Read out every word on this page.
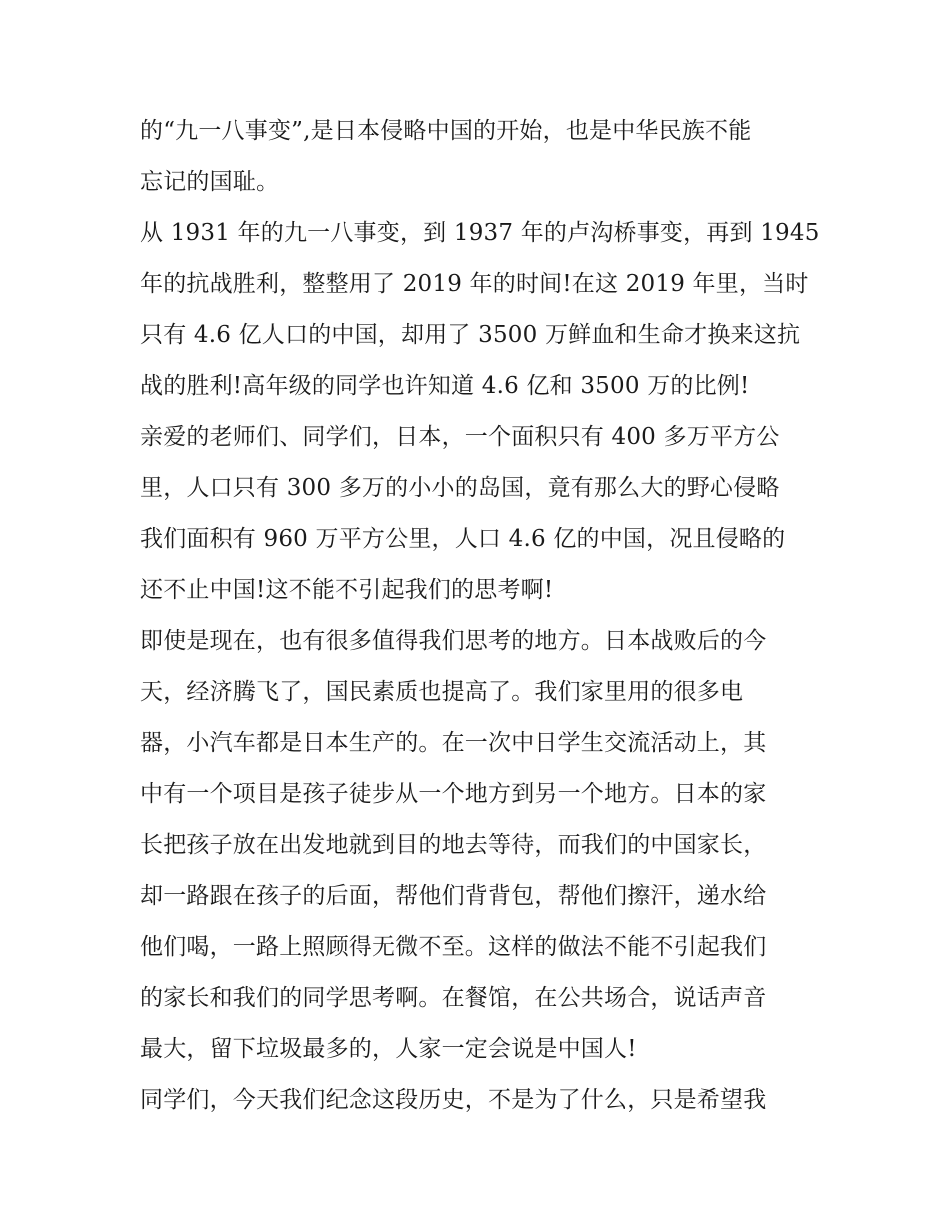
的“九一八事变”,是日本侵略中国的开始，也是中华民族不能
忘记的国耻。
从 1931 年的九一八事变，到 1937 年的卢沟桥事变，再到 1945
年的抗战胜利，整整用了 2019 年的时间!在这 2019 年里，当时
只有 4.6 亿人口的中国，却用了 3500 万鲜血和生命才换来这抗
战的胜利!高年级的同学也许知道 4.6 亿和 3500 万的比例!
亲爱的老师们、同学们，日本，一个面积只有 400 多万平方公
里，人口只有 300 多万的小小的岛国，竟有那么大的野心侵略
我们面积有 960 万平方公里，人口 4.6 亿的中国，况且侵略的
还不止中国!这不能不引起我们的思考啊!
即使是现在，也有很多值得我们思考的地方。日本战败后的今
天，经济腾飞了，国民素质也提高了。我们家里用的很多电
器，小汽车都是日本生产的。在一次中日学生交流活动上，其
中有一个项目是孩子徒步从一个地方到另一个地方。日本的家
长把孩子放在出发地就到目的地去等待，而我们的中国家长，
却一路跟在孩子的后面，帮他们背背包，帮他们擦汗，递水给
他们喝，一路上照顾得无微不至。这样的做法不能不引起我们
的家长和我们的同学思考啊。在餐馆，在公共场合，说话声音
最大，留下垃圾最多的，人家一定会说是中国人!
同学们，今天我们纪念这段历史，不是为了什么，只是希望我
